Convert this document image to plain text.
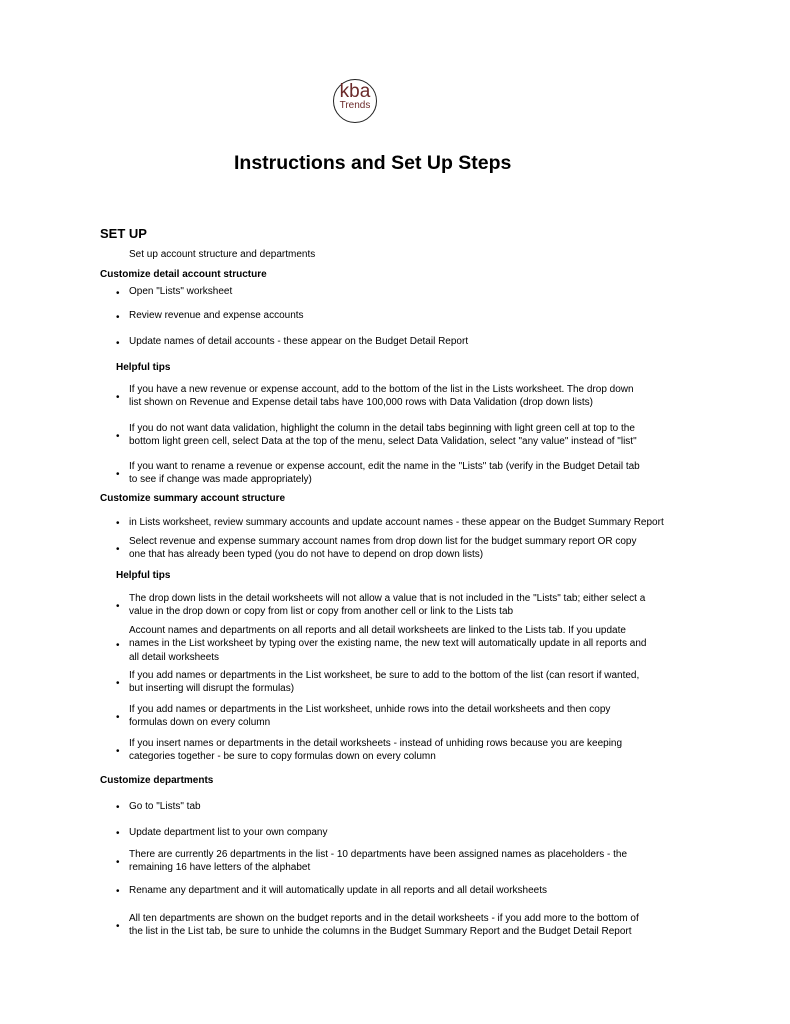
kba
Trends
Instructions and Set Up Steps
SET UP
Set up account structure and departments
Customize detail account structure
• Open "Lists" worksheet
• Review revenue and expense accounts
• Update names of detail accounts - these appear on the Budget Detail Report
Helpful tips
•
If you have a new revenue or expense account, add to the bottom of the list in the Lists worksheet. The drop down
list shown on Revenue and Expense detail tabs have 100,000 rows with Data Validation (drop down lists)
•
If you do not want data validation, highlight the column in the detail tabs beginning with light green cell at top to the
bottom light green cell, select Data at the top of the menu, select Data Validation, select "any value" instead of "list"
•
If you want to rename a revenue or expense account, edit the name in the "Lists" tab (verify in the Budget Detail tab
to see if change was made appropriately)
Customize summary account structure
• in Lists worksheet, review summary accounts and update account names - these appear on the Budget Summary Report
•
Select revenue and expense summary account names from drop down list for the budget summary report OR copy
one that has already been typed (you do not have to depend on drop down lists)
Helpful tips
•
The drop down lists in the detail worksheets will not allow a value that is not included in the "Lists" tab; either select a
value in the drop down or copy from list or copy from another cell or link to the Lists tab
•
Account names and departments on all reports and all detail worksheets are linked to the Lists tab. If you update
names in the List worksheet by typing over the existing name, the new text will automatically update in all reports and
all detail worksheets
•
If you add names or departments in the List worksheet, be sure to add to the bottom of the list (can resort if wanted,
but inserting will disrupt the formulas)
•
If you add names or departments in the List worksheet, unhide rows into the detail worksheets and then copy
formulas down on every column
•
If you insert names or departments in the detail worksheets - instead of unhiding rows because you are keeping
categories together - be sure to copy formulas down on every column
Customize departments
• Go to "Lists" tab
• Update department list to your own company
•
There are currently 26 departments in the list - 10 departments have been assigned names as placeholders - the
remaining 16 have letters of the alphabet
• Rename any department and it will automatically update in all reports and all detail worksheets
•
All ten departments are shown on the budget reports and in the detail worksheets - if you add more to the bottom of
the list in the List tab, be sure to unhide the columns in the Budget Summary Report and the Budget Detail Report
